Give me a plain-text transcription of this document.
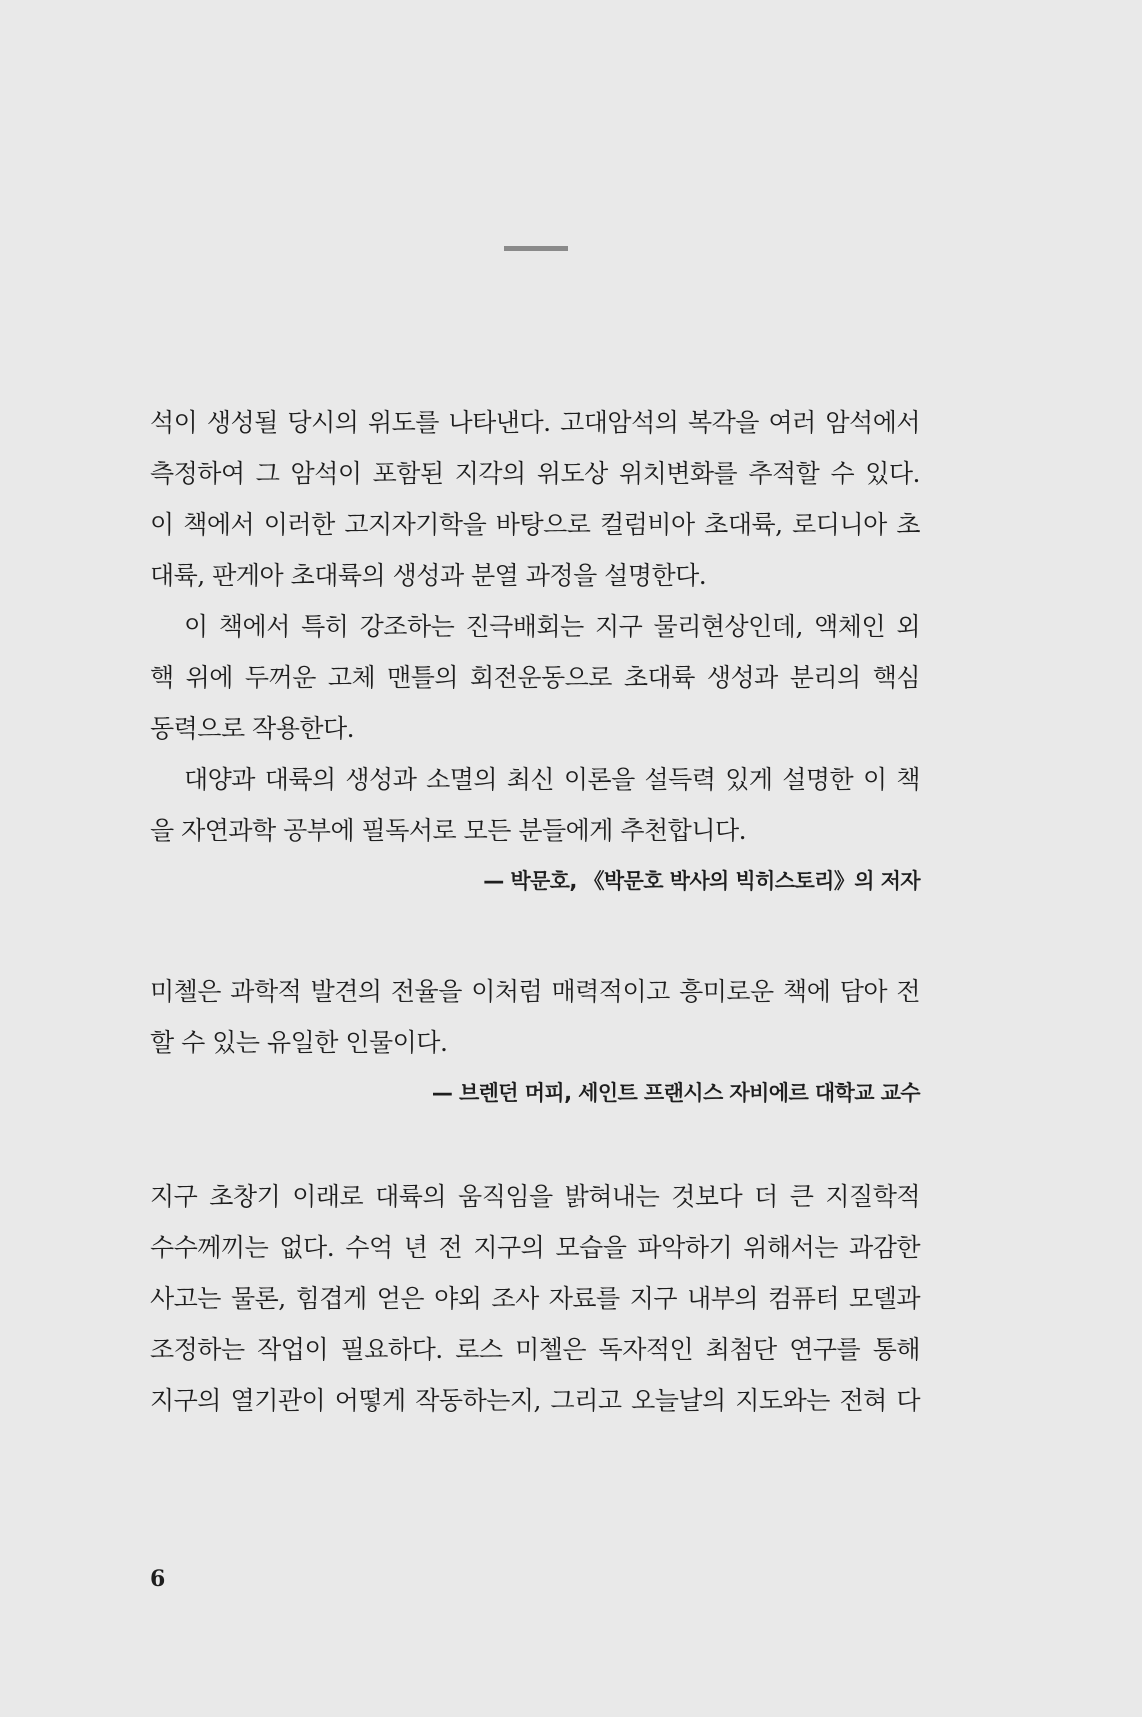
석이 생성될 당시의 위도를 나타낸다. 고대암석의 복각을 여러 암석에서
측정하여 그 암석이 포함된 지각의 위도상 위치변화를 추적할 수 있다.
이 책에서 이러한 고지자기학을 바탕으로 컬럼비아 초대륙, 로디니아 초
대륙, 판게아 초대륙의 생성과 분열 과정을 설명한다.
이 책에서 특히 강조하는 진극배회는 지구 물리현상인데, 액체인 외
핵 위에 두꺼운 고체 맨틀의 회전운동으로 초대륙 생성과 분리의 핵심
동력으로 작용한다.
대양과 대륙의 생성과 소멸의 최신 이론을 설득력 있게 설명한 이 책
을 자연과학 공부에 필독서로 모든 분들에게 추천합니다.
— 박문호, 《박문호 박사의 빅히스토리》의 저자
미첼은 과학적 발견의 전율을 이처럼 매력적이고 흥미로운 책에 담아 전
할 수 있는 유일한 인물이다.
— 브렌던 머피, 세인트 프랜시스 자비에르 대학교 교수
지구 초창기 이래로 대륙의 움직임을 밝혀내는 것보다 더 큰 지질학적
수수께끼는 없다. 수억 년 전 지구의 모습을 파악하기 위해서는 과감한
사고는 물론, 힘겹게 얻은 야외 조사 자료를 지구 내부의 컴퓨터 모델과
조정하는 작업이 필요하다. 로스 미첼은 독자적인 최첨단 연구를 통해
지구의 열기관이 어떻게 작동하는지, 그리고 오늘날의 지도와는 전혀 다
6
